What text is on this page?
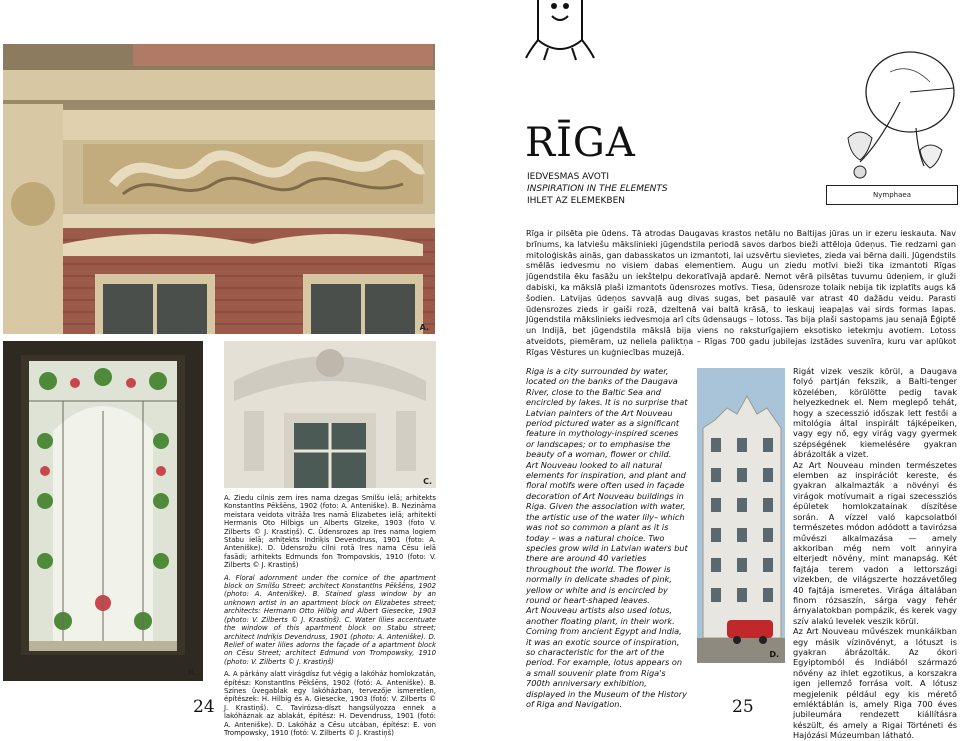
A.
RĪGA
IEDVESMAS AVOTI
INSPIRATION IN THE ELEMENTS
IHLET AZ ELEMEKBEN
Nymphaea
Rīga ir pilsēta pie ūdens. Tā atrodas Daugavas krastos netālu no Baltijas jūras un ir ezeru ieskauta. Nav brīnums, ka latviešu mākslinieki jūgendstila periodā savos darbos bieži attēloja ūdeņus. Tie redzami gan mitoloģiskās ainās, gan dabasskatos un izmantoti, lai uzsvērtu sievietes, zieda vai bērna daili. Jūgendstils smēlās iedvesmu no visiem dabas elementiem. Augu un ziedu motīvi bieži tika izmantoti Rīgas jūgendstila ēku fasāžu un iekštelpu dekoratīvajā apdarē. Nemot vērā pilsētas tuvumu ūdeņiem, ir gluži dabiski, ka mākslā plaši izmantots ūdensrozes motīvs. Tiesa, ūdensroze tolaik nebija tik izplatīts augs kā šodien. Latvijas ūdeņos savvaļā aug divas sugas, bet pasaulē var atrast 40 dažādu veidu. Parasti ūdensrozes zieds ir gaiši rozā, dzeltenā vai baltā krāsā, to ieskauj ieapaļas vai sirds formas lapas. Jūgendstila mākslinieks iedvesmoja arī cits ūdensaugs – lotoss. Tas bija plaši sastopams jau senajā Ēģiptē un Indijā, bet jūgendstila mākslā bija viens no raksturīgajiem eksotisko ietekmju avotiem. Lotoss atveidots, piemēram, uz neliela paliktņa – Rīgas 700 gadu jubilejas izstādes suvenīra, kuru var aplūkot Rīgas Vēstures un kuģniecības muzejā.
B.
C.

A. Ziedu cilnis zem ires nama dzegas Smilšu ielā; arhitekts Konstantīns Pēkšēns, 1902 (foto: A. Anteniške). B. Nezināma meistara veidota vitrāža īres namā Elizabetes ielā; arhitekti Hermanis Oto Hilbigs un Alberts Gīzeke, 1903 (foto V. Zilberts © J. Krastiņš). C. Ūdensrozes ap īres nama logiem Stabu ielā; arhitekts Indriķis Devendruss, 1901 (foto: A. Anteniške). D. Ūdensrožu cilni rotā īres nama Cēsu ielā fasādi; arhitekts Edmunds fon Trompovskis, 1910 (foto: V. Zilberts © J. Krastiņš)

A. Floral adornment under the cornice of the apartment block on Smilšu Street; architect Konstantīns Pēkšēns, 1902 (photo: A. Anteniške). B. Stained glass window by an unknown artist in an apartment block on Elizabetes street; architects: Hermann Otto Hilbig and Albert Giesecke, 1903 (photo: V. Zilberts © J. Krastiņš). C. Water lilies accentuate the window of this apartment block on Stabu street; architect Indriķis Devendruss, 1901 (photo: A. Anteniške). D. Relief of water lilies adorns the façade of a apartment block on Cēsu Street; architect Edmund von Trompowsky, 1910 (photo: V. Zilberts © J. Krastiņš)

A. A párkány alatt virágdísz fut végig a lakóház homlokzatán, építész: Konstantīns Pēkšēns, 1902 (fotó: A. Anteniške). B. Színes üvegablak egy lakóházban, tervezője ismeretlen, építészek: H. Hilbig és A. Giesecke, 1903 (fotó: V. Zilberts © J. Krastiņš). C. Tavirózsa-díszt hangsúlyozza ennek a lakóháznak az ablakát, építész: H. Devendruss, 1901 (fotó: A. Anteniške). D. Lakóház a Cēsu utcában, építész: E. von Trompowsky, 1910 (fotó: V. Zilberts © J. Krastiņš)

Riga is a city surrounded by water, located on the banks of the Daugava River, close to the Baltic Sea and encircled by lakes. It is no surprise that Latvian painters of the Art Nouveau period pictured water as a significant feature in mythology-inspired scenes or landscapes; or to emphasise the beauty of a woman, flower or child.
Art Nouveau looked to all natural elements for inspiration, and plant and floral motifs were often used in façade decoration of Art Nouveau buildings in Riga. Given the association with water, the artistic use of the water lily– which was not so common a plant as it is today – was a natural choice. Two species grow wild in Latvian waters but there are around 40 varieties throughout the world. The flower is normally in delicate shades of pink, yellow or white and is encircled by round or heart-shaped leaves.
Art Nouveau artists also used lotus, another floating plant, in their work. Coming from ancient Egypt and India, it was an exotic source of inspiration, so characteristic for the art of the period. For example, lotus appears on a small souvenir plate from Riga's 700th anniversary exhibition, displayed in the Museum of the History of Riga and Navigation.
D.
Rigát vizek veszik körül, a Daugava folyó partján fekszik, a Balti-tenger közelében, körülötte pedig tavak helyezkednek el. Nem meglepő tehát, hogy a szecesszió időszak lett festői a mitológia által inspirált tájképeiken, vagy egy nő, egy virág vagy gyermek szépségének kiemelésére gyakran ábrázolták a vizet.
Az Art Nouveau minden természetes elemben az inspirációt kereste, és gyakran alkalmazták a növényi és virágok motívumait a rigai szecessziós épületek homlokzatainak díszítése során. A vízzel való kapcsolatból természetes módon adódott a tavirózsa művészi alkalmazása — amely akkoriban még nem volt annyira elterjedt növény, mint manapság. Két fajtája terem vadon a lettországi vizekben, de világszerte hozzávetőleg 40 fajtája ismeretes. Virága általában finom rózsaszín, sárga vagy fehér árnyalatokban pompázik, és kerek vagy szív alakú levelek veszik körül.
Az Art Nouveau művészek munkáikban egy másik vízinövényt, a lótuszt is gyakran ábrázolták. Az ókori Egyiptomból és Indiából származó növény az ihlet egzotikus, a korszakra igen jellemző forrása volt. A lótusz megjelenik például egy kis mérető emléktáblán is, amely Riga 700 éves jubileumára rendezett kiállításra készült, és amely a Rigai Történeti és Hajózási Múzeumban látható.
24	25
